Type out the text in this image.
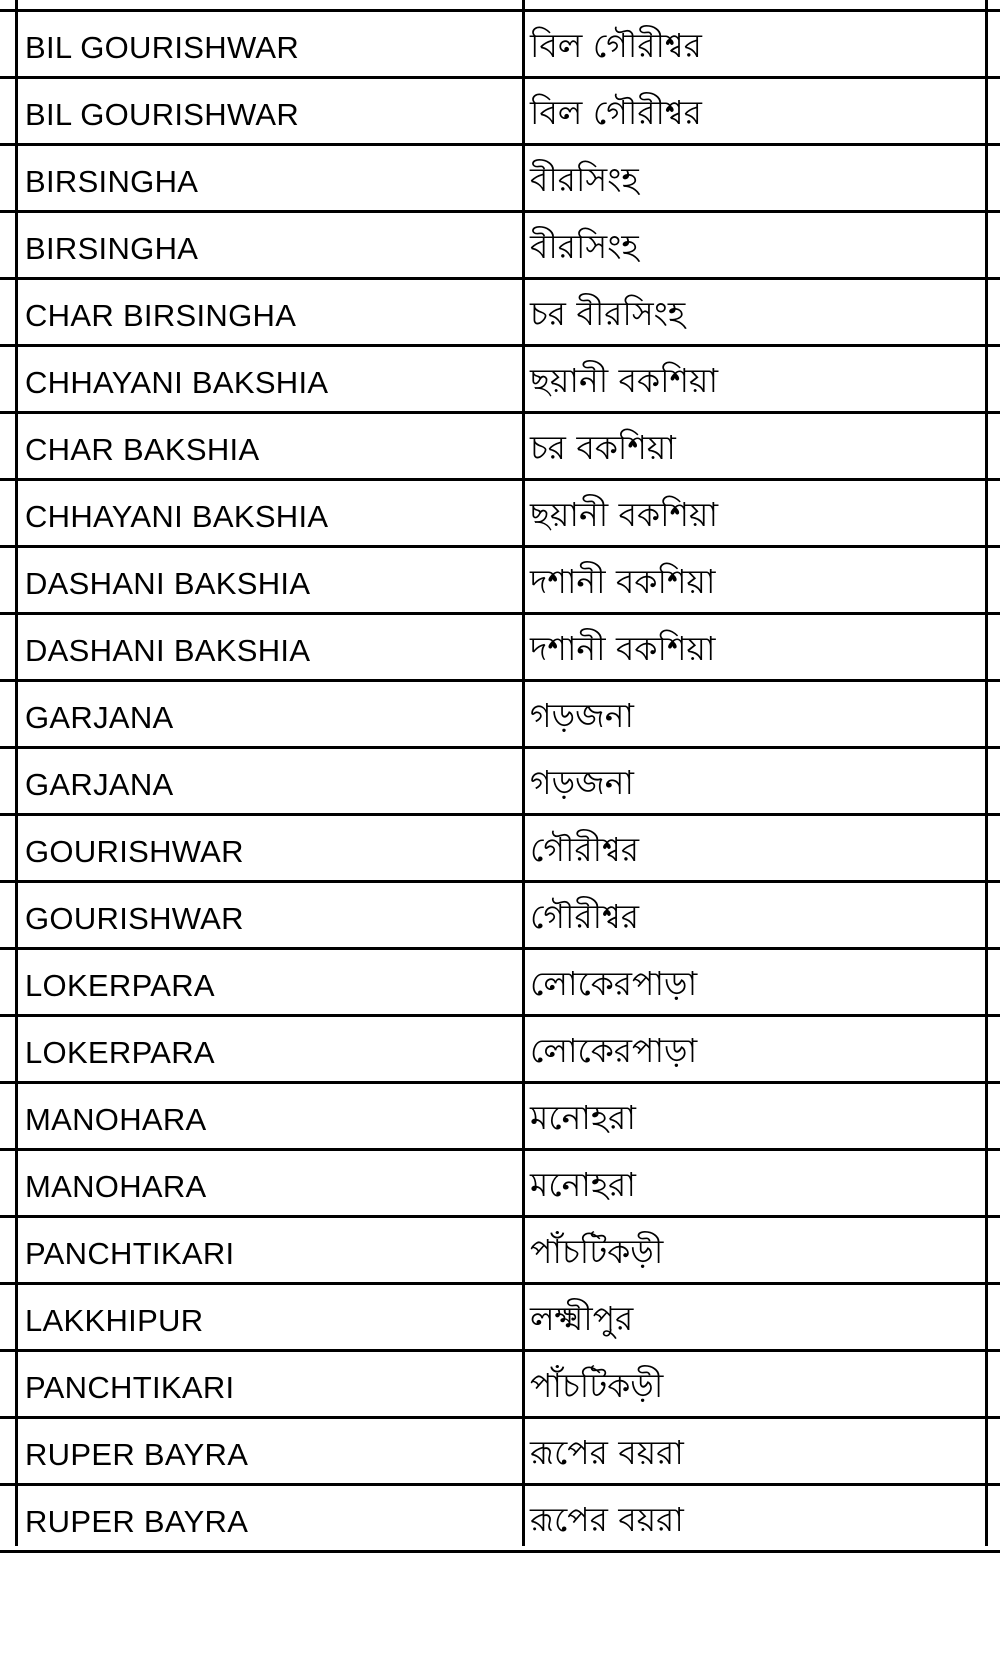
BIL GOURISHWAR	বিল গৌরীশ্বর
BIL GOURISHWAR	বিল গৌরীশ্বর
BIRSINGHA	বীরসিংহ
BIRSINGHA	বীরসিংহ
CHAR BIRSINGHA	চর বীরসিংহ
CHHAYANI BAKSHIA	ছয়ানী বকশিয়া
CHAR BAKSHIA	চর বকশিয়া
CHHAYANI BAKSHIA	ছয়ানী বকশিয়া
DASHANI BAKSHIA	দশানী বকশিয়া
DASHANI BAKSHIA	দশানী বকশিয়া
GARJANA	গড়জনা
GARJANA	গড়জনা
GOURISHWAR	গৌরীশ্বর
GOURISHWAR	গৌরীশ্বর
LOKERPARA	লোকেরপাড়া
LOKERPARA	লোকেরপাড়া
MANOHARA	মনোহরা
MANOHARA	মনোহরা
PANCHTIKARI	পাঁচটিকড়ী
LAKKHIPUR	লক্ষ্মীপুর
PANCHTIKARI	পাঁচটিকড়ী
RUPER BAYRA	রূপের বয়রা
RUPER BAYRA	রূপের বয়রা
